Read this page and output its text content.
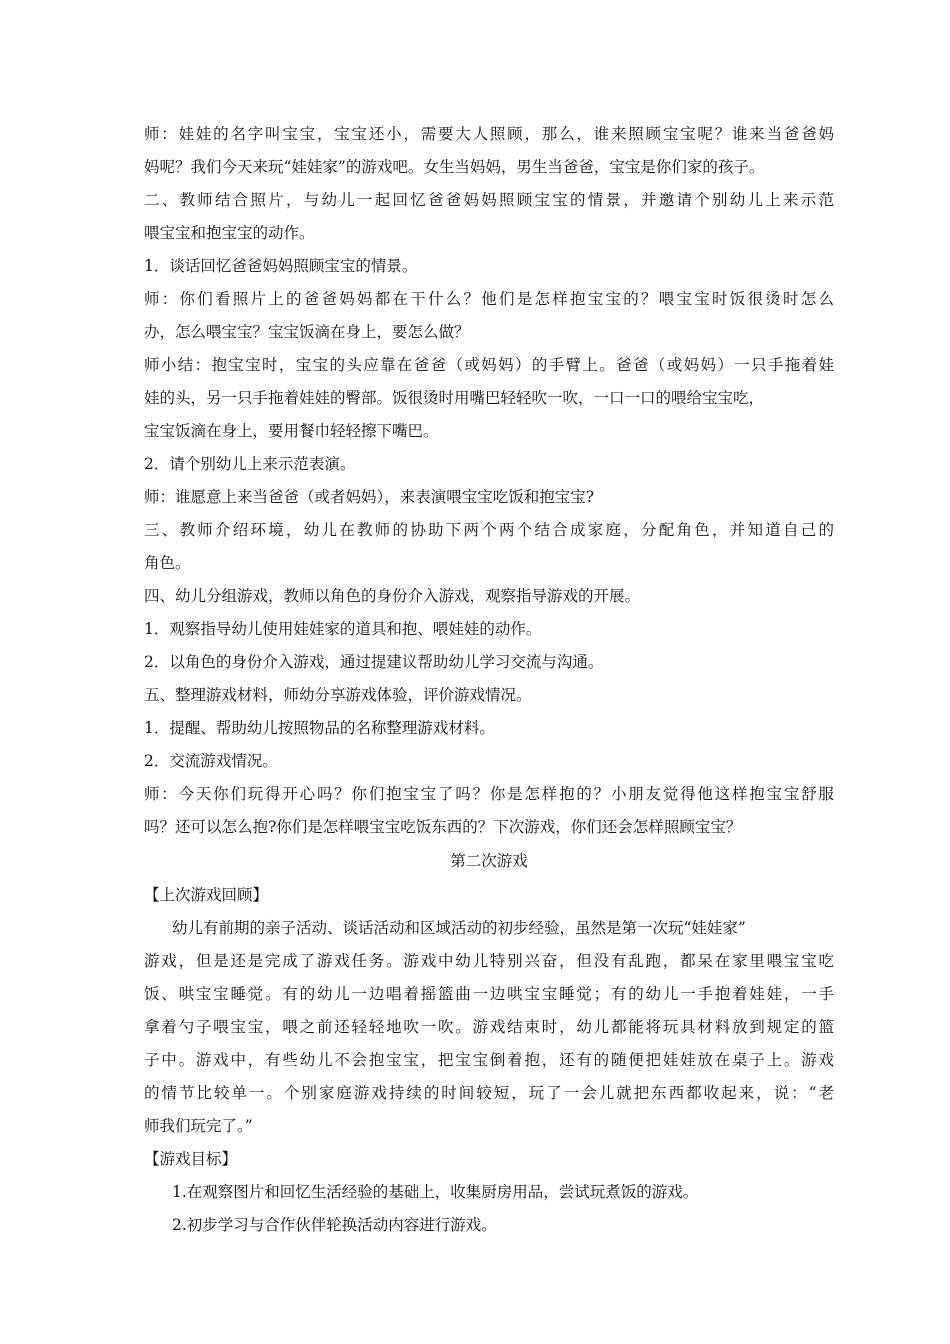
师：娃娃的名字叫宝宝，宝宝还小，需要大人照顾，那么，谁来照顾宝宝呢？谁来当爸爸妈
妈呢？我们今天来玩“娃娃家”的游戏吧。女生当妈妈，男生当爸爸，宝宝是你们家的孩子。
二、教师结合照片，与幼儿一起回忆爸爸妈妈照顾宝宝的情景，并邀请个别幼儿上来示范
喂宝宝和抱宝宝的动作。
1．谈话回忆爸爸妈妈照顾宝宝的情景。
师：你们看照片上的爸爸妈妈都在干什么？他们是怎样抱宝宝的？喂宝宝时饭很烫时怎么
办，怎么喂宝宝？宝宝饭滴在身上，要怎么做？
师小结：抱宝宝时，宝宝的头应靠在爸爸（或妈妈）的手臂上。爸爸（或妈妈）一只手拖着娃
娃的头，另一只手拖着娃娃的臀部。饭很烫时用嘴巴轻轻吹一吹，一口一口的喂给宝宝吃，
宝宝饭滴在身上，要用餐巾轻轻擦下嘴巴。
2．请个别幼儿上来示范表演。
师：谁愿意上来当爸爸（或者妈妈），来表演喂宝宝吃饭和抱宝宝?
三、教师介绍环境，幼儿在教师的协助下两个两个结合成家庭，分配角色，并知道自己的
角色。
四、幼儿分组游戏，教师以角色的身份介入游戏，观察指导游戏的开展。
1．观察指导幼儿使用娃娃家的道具和抱、喂娃娃的动作。
2．以角色的身份介入游戏，通过提建议帮助幼儿学习交流与沟通。
五、整理游戏材料，师幼分享游戏体验，评价游戏情况。
1．提醒、帮助幼儿按照物品的名称整理游戏材料。
2．交流游戏情况。
师：今天你们玩得开心吗？你们抱宝宝了吗？你是怎样抱的？小朋友觉得他这样抱宝宝舒服
吗？还可以怎么抱?你们是怎样喂宝宝吃饭东西的？下次游戏，你们还会怎样照顾宝宝？
第二次游戏
【上次游戏回顾】
幼儿有前期的亲子活动、谈话活动和区域活动的初步经验，虽然是第一次玩“娃娃家”
游戏，但是还是完成了游戏任务。游戏中幼儿特别兴奋，但没有乱跑，都呆在家里喂宝宝吃
饭、哄宝宝睡觉。有的幼儿一边唱着摇篮曲一边哄宝宝睡觉；有的幼儿一手抱着娃娃，一手
拿着勺子喂宝宝，喂之前还轻轻地吹一吹。游戏结束时，幼儿都能将玩具材料放到规定的篮
子中。游戏中，有些幼儿不会抱宝宝，把宝宝倒着抱，还有的随便把娃娃放在桌子上。游戏
的情节比较单一。个别家庭游戏持续的时间较短，玩了一会儿就把东西都收起来，说：“老
师我们玩完了。”
【游戏目标】
1.在观察图片和回忆生活经验的基础上，收集厨房用品，尝试玩煮饭的游戏。
2.初步学习与合作伙伴轮换活动内容进行游戏。
